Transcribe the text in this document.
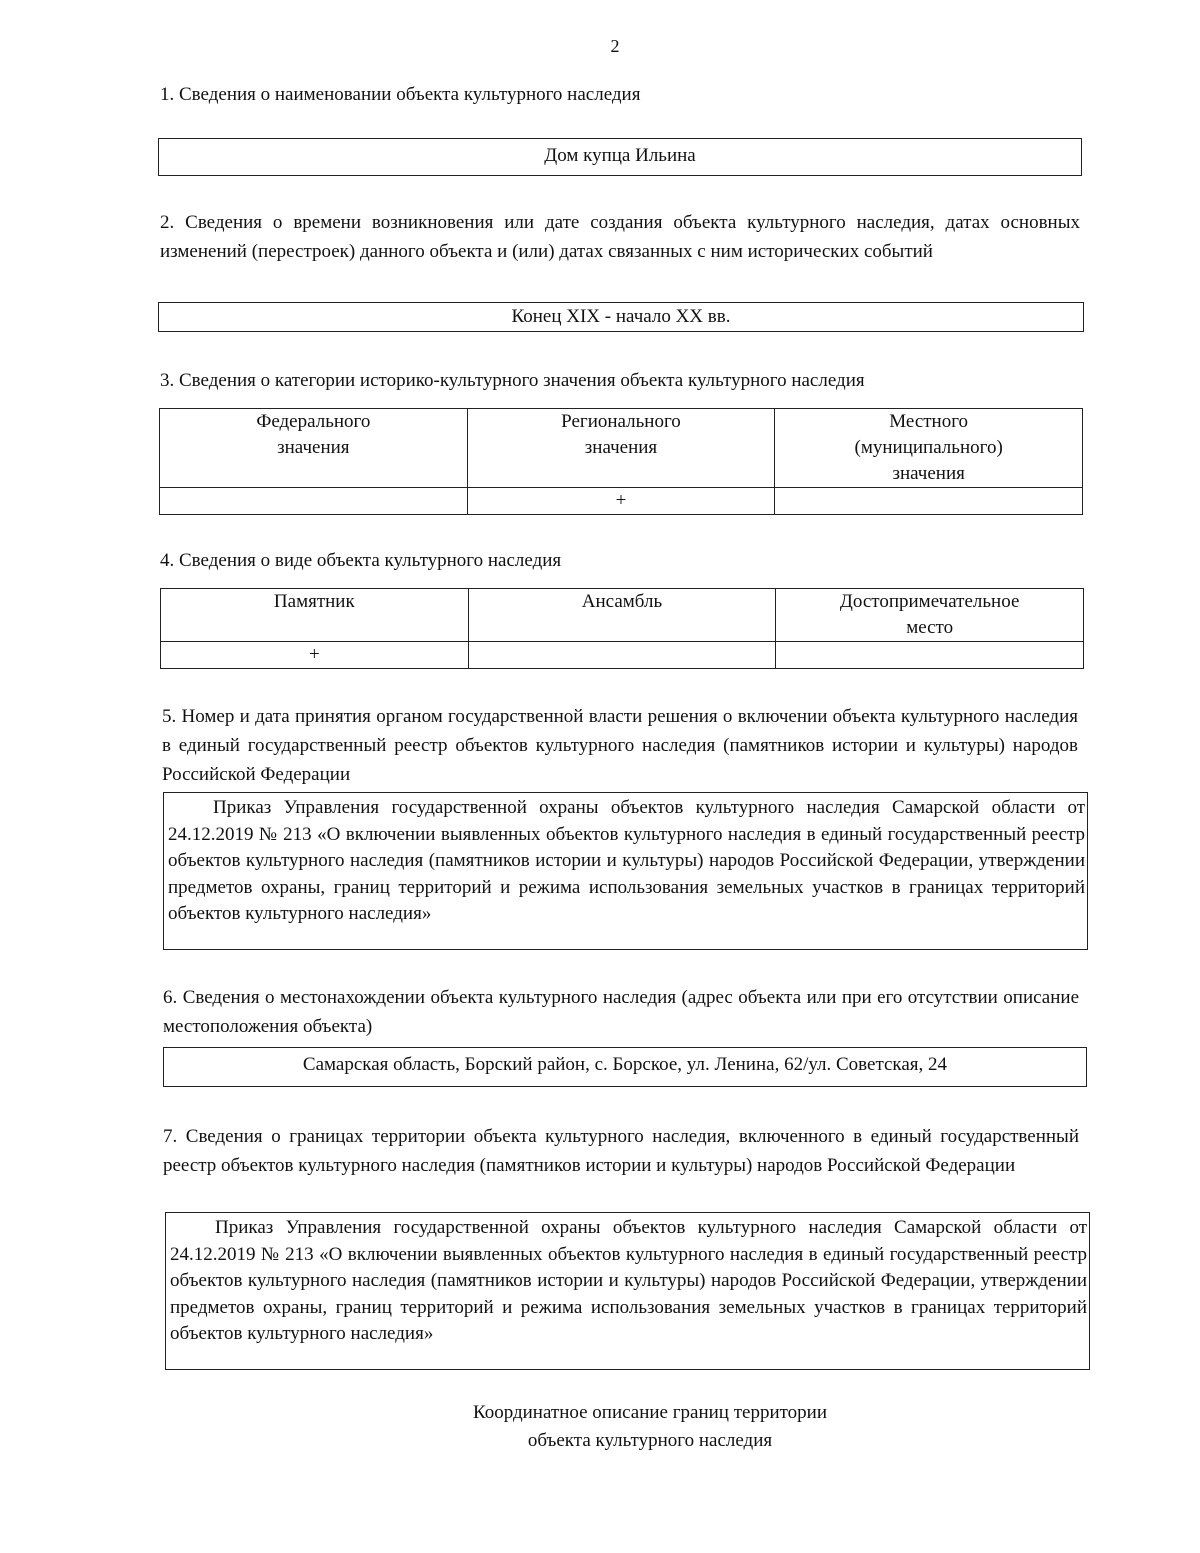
2
1. Сведения о наименовании объекта культурного наследия
Дом купца Ильина
2. Сведения о времени возникновения или дате создания объекта культурного наследия, датах основных изменений (перестроек) данного объекта и (или) датах связанных с ним исторических событий
Конец XIX - начало XX вв.
3. Сведения о категории историко-культурного значения объекта культурного наследия
Федерального значения	Регионального значения	Местного (муниципального) значения
	+	
4. Сведения о виде объекта культурного наследия
Памятник	Ансамбль	Достопримечательное место
+		
5. Номер и дата принятия органом государственной власти решения о включении объекта культурного наследия в единый государственный реестр объектов культурного наследия (памятников истории и культуры) народов Российской Федерации
Приказ Управления государственной охраны объектов культурного наследия Самарской области от 24.12.2019 № 213 «О включении выявленных объектов культурного наследия в единый государственный реестр объектов культурного наследия (памятников истории и культуры) народов Российской Федерации, утверждении предметов охраны, границ территорий и режима использования земельных участков в границах территорий объектов культурного наследия»
6. Сведения о местонахождении объекта культурного наследия (адрес объекта или при его отсутствии описание местоположения объекта)
Самарская область, Борский район, с. Борское, ул. Ленина, 62/ул. Советская, 24
7. Сведения о границах территории объекта культурного наследия, включенного в единый государственный реестр объектов культурного наследия (памятников истории и культуры) народов Российской Федерации
Приказ Управления государственной охраны объектов культурного наследия Самарской области от 24.12.2019 № 213 «О включении выявленных объектов культурного наследия в единый государственный реестр объектов культурного наследия (памятников истории и культуры) народов Российской Федерации, утверждении предметов охраны, границ территорий и режима использования земельных участков в границах территорий объектов культурного наследия»
Координатное описание границ территории
объекта культурного наследия
